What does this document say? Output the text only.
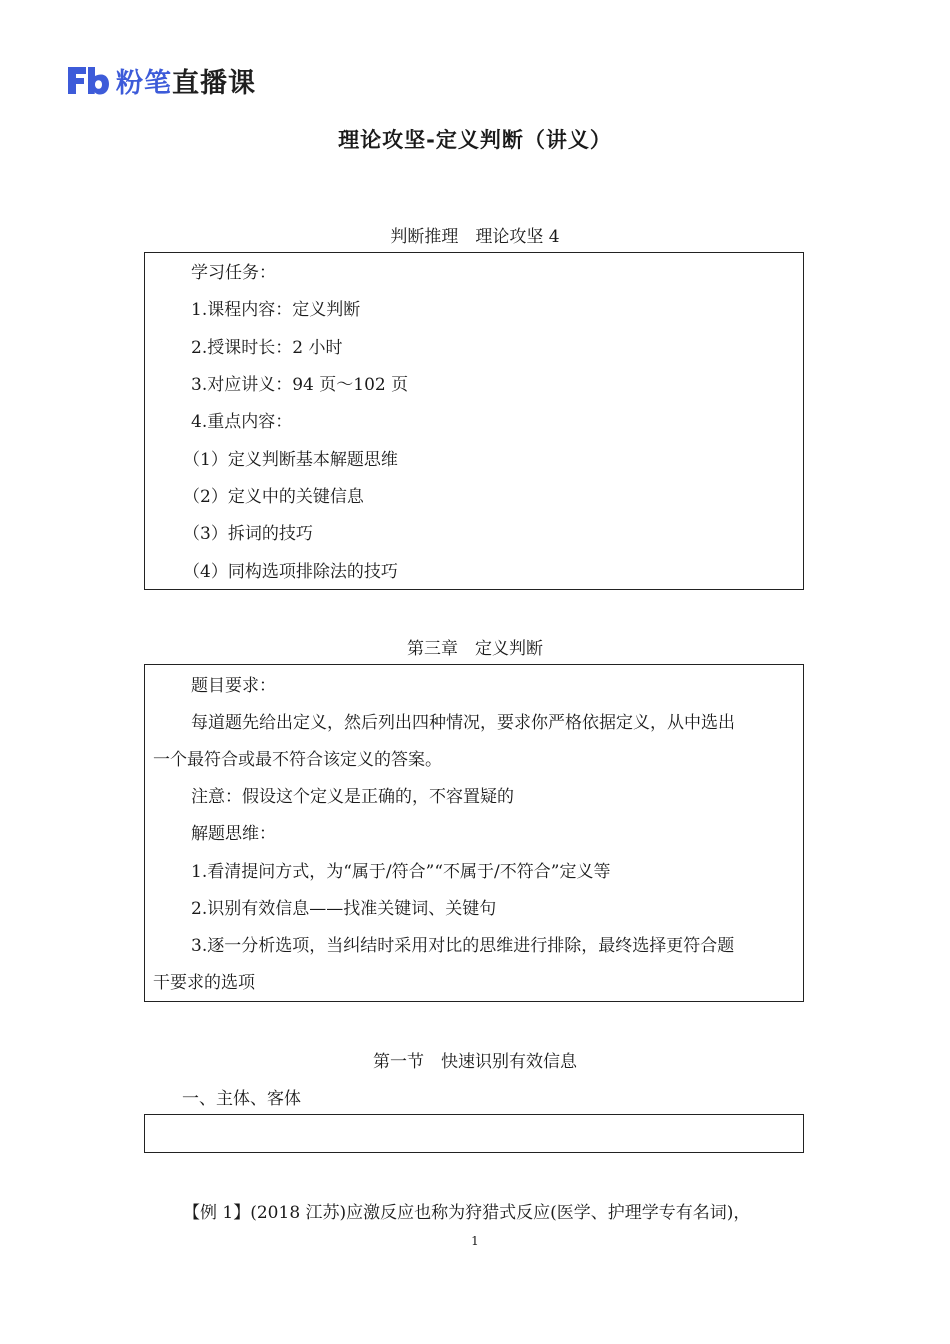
粉笔 直播课
理论攻坚-定义判断（讲义）
判断推理　理论攻坚 4
学习任务：
1.课程内容：定义判断
2.授课时长：2 小时
3.对应讲义：94 页～102 页
4.重点内容：
（1）定义判断基本解题思维
（2）定义中的关键信息
（3）拆词的技巧
（4）同构选项排除法的技巧
第三章　定义判断
题目要求：
每道题先给出定义，然后列出四种情况，要求你严格依据定义，从中选出
一个最符合或最不符合该定义的答案。
注意：假设这个定义是正确的，不容置疑的
解题思维：
1.看清提问方式，为“属于/符合”“不属于/不符合”定义等
2.识别有效信息——找准关键词、关键句
3.逐一分析选项，当纠结时采用对比的思维进行排除，最终选择更符合题
干要求的选项
第一节　快速识别有效信息
一、主体、客体
【例 1】(2018 江苏)应激反应也称为狩猎式反应(医学、护理学专有名词)，
1
